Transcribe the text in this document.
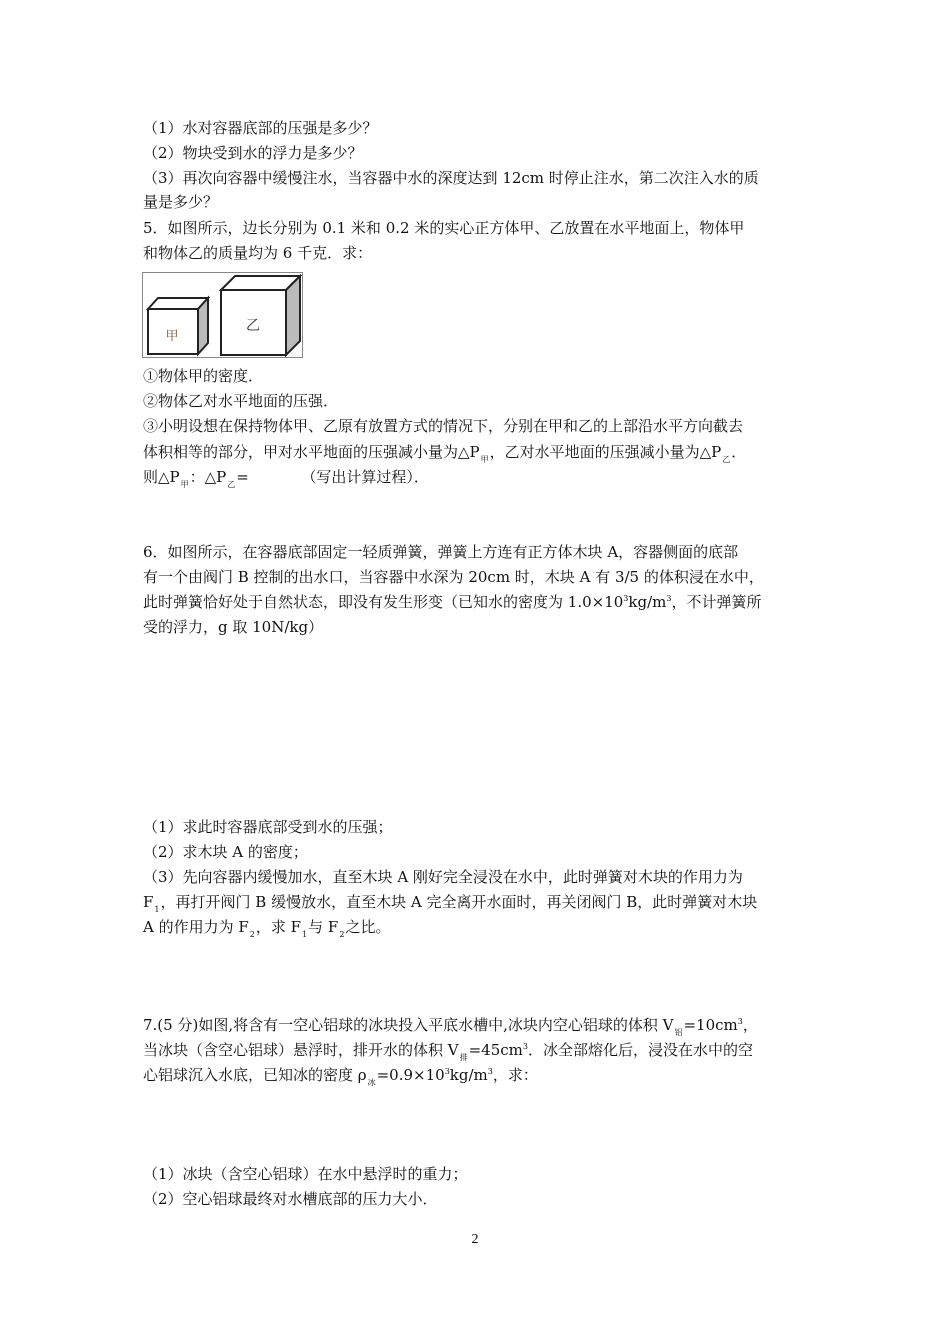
（1）水对容器底部的压强是多少？
（2）物块受到水的浮力是多少？
（3）再次向容器中缓慢注水，当容器中水的深度达到 12cm 时停止注水，第二次注入水的质
量是多少？
5．如图所示，边长分别为 0.1 米和 0.2 米的实心正方体甲、乙放置在水平地面上，物体甲
和物体乙的质量均为 6 千克．求：
甲
乙
①物体甲的密度．
②物体乙对水平地面的压强．
③小明设想在保持物体甲、乙原有放置方式的情况下，分别在甲和乙的上部沿水平方向截去
体积相等的部分，甲对水平地面的压强减小量为$\triangle P_甲$，乙对水平地面的压强减小量为$\triangle P_乙$．
则$\triangle P_甲$：$\triangle P_乙=$　　　　（写出计算过程）．
6．如图所示，在容器底部固定一轻质弹簧，弹簧上方连有正方体木块 A，容器侧面的底部
有一个由阀门 B 控制的出水口，当容器中水深为 20cm 时，木块 A 有 3/5 的体积浸在水中，
此时弹簧恰好处于自然状态，即没有发生形变（已知水的密度为 $1.0\times 10^3kg/m^3$，不计弹簧所
受的浮力，g 取 10N/kg）
（1）求此时容器底部受到水的压强；
（2）求木块 A 的密度；
（3）先向容器内缓慢加水，直至木块 A 刚好完全浸没在水中，此时弹簧对木块的作用力为
$F_1$，再打开阀门 B 缓慢放水，直至木块 A 完全离开水面时，再关闭阀门 B，此时弹簧对木块
A 的作用力为 $F_2$，求 $F_1$与 $F_2$之比。
7.(5 分)如图,将含有一空心铝球的冰块投入平底水槽中,冰块内空心铝球的体积 $V_铝=10cm^3$，
当冰块（含空心铝球）悬浮时，排开水的体积 $V_排=45cm^3$．冰全部熔化后，浸没在水中的空
心铝球沉入水底，已知冰的密度 $\rho_冰=0.9\times 10^3kg/m^3$，求：
（1）冰块（含空心铝球）在水中悬浮时的重力；
（2）空心铝球最终对水槽底部的压力大小．
2
